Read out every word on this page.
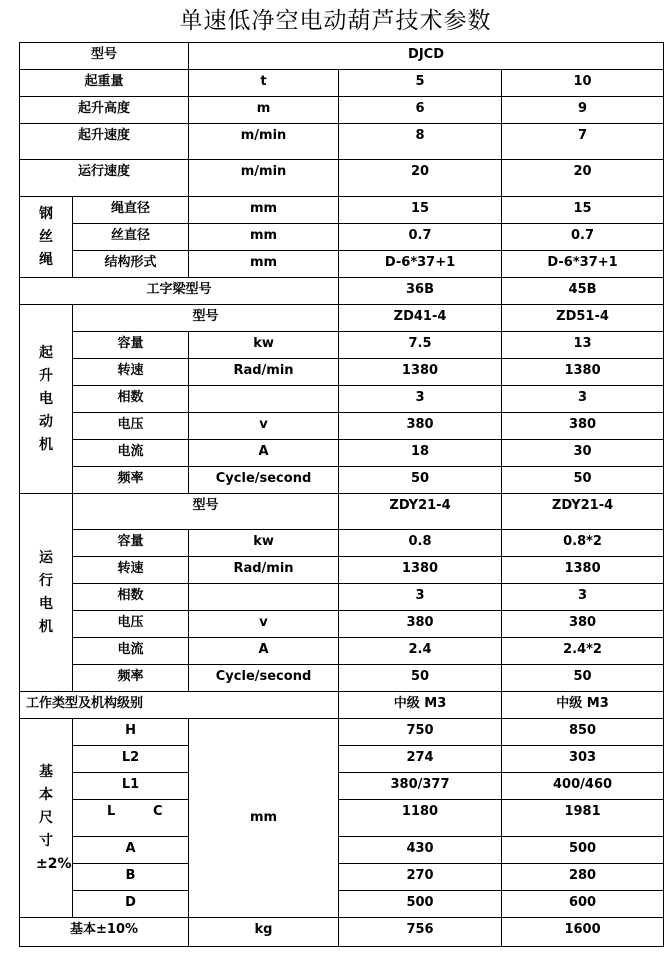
单速低净空电动葫芦技术参数
型号		DJCD		
起重量		t	5	10
起升高度		m	6	9
起升速度		m/min	8	7
运行速度		m/min	20	20
钢丝绳	绳直径	mm	15	15
	丝直径	mm	0.7	0.7
	结构形式	mm	D-6*37+1	D-6*37+1
工字梁型号			36B	45B
起升电动机	型号		ZD41-4	ZD51-4
	容量	kw	7.5	13
	转速	Rad/min	1380	1380
	相数		3	3
	电压	v	380	380
	电流	A	18	30
	频率	Cycle/second	50	50
运行电机	型号		ZDY21-4	ZDY21-4
	容量	kw	0.8	0.8*2
	转速	Rad/min	1380	1380
	相数		3	3
	电压	v	380	380
	电流	A	2.4	2.4*2
	频率	Cycle/second	50	50
工作类型及机构级别			中级 M3	中级 M3
基本尺寸±2%	H	mm	750	850
	L2		274	303
	L1		380/377	400/460
	L C		1180	1981
	A		430	500
	B		270	280
	D		500	600
基本±10%		kg	756	1600
